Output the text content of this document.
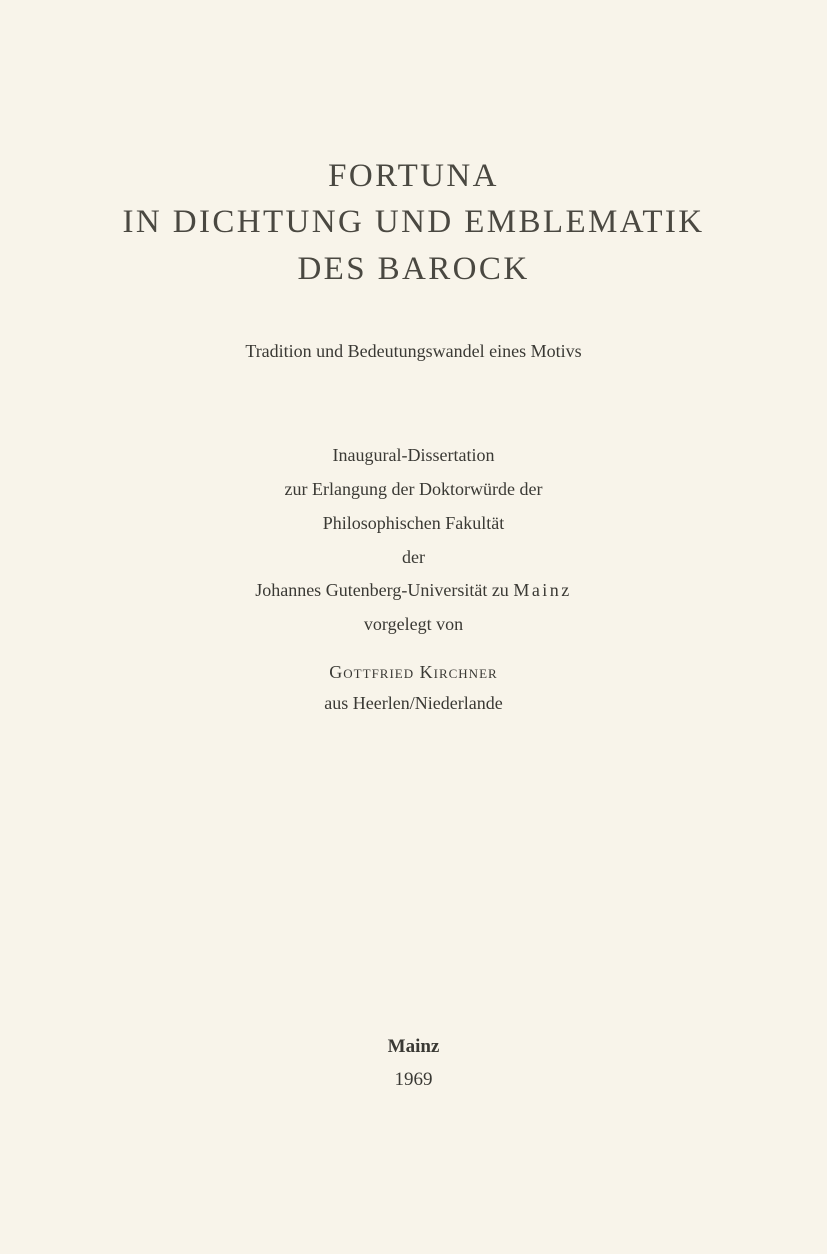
FORTUNA
IN DICHTUNG UND EMBLEMATIK
DES BAROCK
Tradition und Bedeutungswandel eines Motivs
Inaugural-Dissertation
zur Erlangung der Doktorwürde der
Philosophischen Fakultät
der
Johannes Gutenberg-Universität zu Mainz
vorgelegt von
Gottfried Kirchner
aus Heerlen/Niederlande
Mainz
1969
